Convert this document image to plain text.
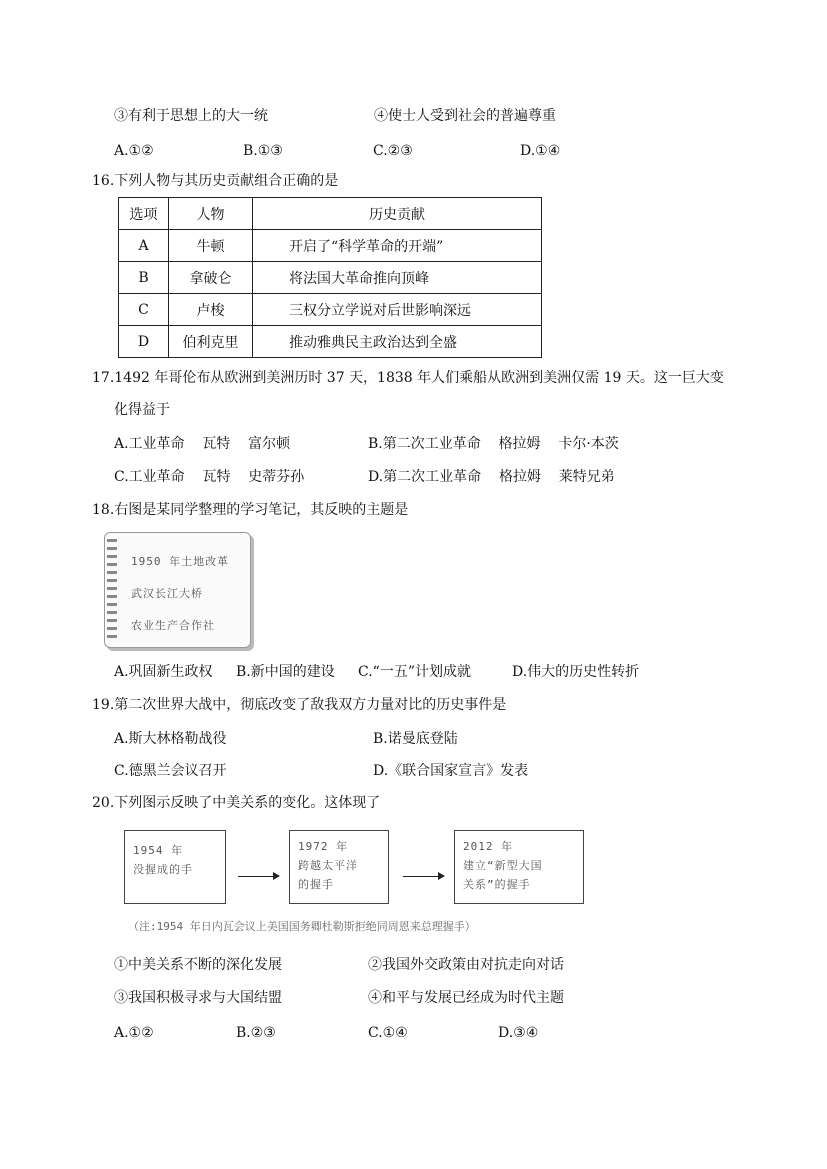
③有利于思想上的大一统	④使士人受到社会的普遍尊重
A.①②	B.①③	C.②③	D.①④
16.下列人物与其历史贡献组合正确的是
选项	人物	历史贡献
A	牛顿	开启了“科学革命的开端”
B	拿破仑	将法国大革命推向顶峰
C	卢梭	三权分立学说对后世影响深远
D	伯利克里	推动雅典民主政治达到全盛
17.1492 年哥伦布从欧洲到美洲历时 37 天，1838 年人们乘船从欧洲到美洲仅需 19 天。这一巨大变
化得益于
A.工业革命    瓦特    富尔顿	B.第二次工业革命    格拉姆    卡尔·本茨
C.工业革命    瓦特    史蒂芬孙	D.第二次工业革命    格拉姆    莱特兄弟
18.右图是某同学整理的学习笔记，其反映的主题是
1950 年土地改革
武汉长江大桥
农业生产合作社
A.巩固新生政权 B.新中国的建设 C.“一五”计划成就	D.伟大的历史性转折
19.第二次世界大战中，彻底改变了敌我双方力量对比的历史事件是
A.斯大林格勒战役	B.诺曼底登陆
C.德黑兰会议召开	D.《联合国家宣言》发表
20.下列图示反映了中美关系的变化。这体现了
1954 年
没握成的手
1972 年
跨越太平洋
的握手
2012 年
建立“新型大国
关系”的握手
（注:1954 年日内瓦会议上美国国务卿杜勒斯拒绝同周恩来总理握手）
①中美关系不断的深化发展	②我国外交政策由对抗走向对话
③我国积极寻求与大国结盟	④和平与发展已经成为时代主题
A.①②	B.②③	C.①④	D.③④
